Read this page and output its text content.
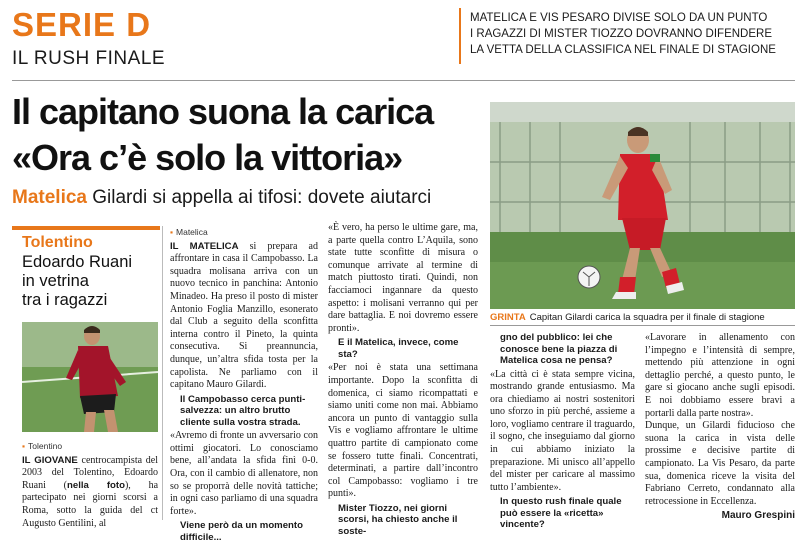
SERIE D
IL RUSH FINALE
MATELICA E VIS PESARO DIVISE SOLO DA UN PUNTO
I RAGAZZI DI MISTER TIOZZO DOVRANNO DIFENDERE
LA VETTA DELLA CLASSIFICA NEL FINALE DI STAGIONE
Il capitano suona la carica
«Ora c’è solo la vittoria»
Matelica Gilardi si appella ai tifosi: dovete aiutarci
GRINTA Capitan Gilardi carica la squadra per il finale di stagione
Tolentino
Edoardo Ruani
in vetrina
tra i ragazzi
▪ Tolentino

IL GIOVANE centrocampista del 2003 del Tolentino, Edoardo Ruani (nella foto), ha partecipato nei giorni scorsi a Roma, sotto la guida del ct Augusto Gentilini, al

▪ Matelica

IL MATELICA si prepara ad affrontare in casa il Campobasso. La squadra molisana arriva con un nuovo tecnico in panchina: Antonio Minadeo. Ha preso il posto di mister Antonio Foglia Manzillo, esonerato dal Club a seguito della sconfitta interna contro il Pineto, la quinta consecutiva. Si preannuncia, dunque, un’altra sfida tosta per la capolista. Ne parliamo con il capitano Mauro Gilardi.

Il Campobasso cerca punti-salvezza: un altro brutto cliente sulla vostra strada.

«Avremo di fronte un avversario con ottimi giocatori. Lo conosciamo bene, all’andata la sfida finì 0-0. Ora, con il cambio di allenatore, non so se proporrà delle novità tattiche; in ogni caso parliamo di una squadra forte».

Viene però da un momento difficile...

«È vero, ha perso le ultime gare, ma, a parte quella contro L’Aquila, sono state tutte sconfitte di misura o comunque arrivate al termine di match piuttosto tirati. Quindi, non facciamoci ingannare da questo aspetto: i molisani verranno qui per dare battaglia. E noi dovremo essere pronti».

E il Matelica, invece, come sta?

«Per noi è stata una settimana importante. Dopo la sconfitta di domenica, ci siamo ricompattati e siamo uniti come non mai. Abbiamo ancora un punto di vantaggio sulla Vis e vogliamo affrontare le ultime quattro partite di campionato come se fossero tutte finali. Concentrati, determinati, a partire dall’incontro col Campobasso: vogliamo i tre punti».

Mister Tiozzo, nei giorni scorsi, ha chiesto anche il soste-
gno del pubblico: lei che conosce bene la piazza di Matelica cosa ne pensa?

«La città ci è stata sempre vicina, mostrando grande entusiasmo. Ma ora chiediamo ai nostri sostenitori uno sforzo in più perché, assieme a loro, vogliamo centrare il traguardo, il sogno, che inseguiamo dal giorno in cui abbiamo iniziato la preparazione. Mi unisco all’appello del mister per caricare al massimo tutto l’ambiente».

In questo rush finale quale può essere la «ricetta» vincente?

«Lavorare in allenamento con l’impegno e l’intensità di sempre, mettendo più attenzione in ogni dettaglio perché, a questo punto, le gare si giocano anche sugli episodi. E noi dobbiamo essere bravi a portarli dalla parte nostra».

Dunque, un Gilardi fiducioso che suona la carica in vista delle prossime e decisive partite di campionato. La Vis Pesaro, da parte sua, domenica riceve la visita del Fabriano Cerreto, condannato alla retrocessione in Eccellenza.

Mauro Grespini
